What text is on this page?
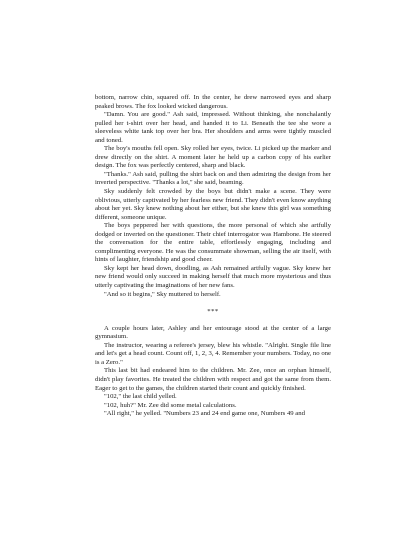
bottom, narrow chin, squared off. In the center, he drew narrowed eyes and sharp peaked brows. The fox looked wicked dangerous.

"Damn. You are good." Ash said, impressed. Without thinking, she nonchalantly pulled her t-shirt over her head, and handed it to Li. Beneath the tee she wore a sleeveless white tank top over her bra. Her shoulders and arms were tightly muscled and toned.

The boy's mouths fell open. Sky rolled her eyes, twice. Li picked up the marker and drew directly on the shirt. A moment later he held up a carbon copy of his earlier design. The fox was perfectly centered, sharp and black.

"Thanks." Ash said, pulling the shirt back on and then admiring the design from her inverted perspective. "Thanks a lot," she said, beaming.

Sky suddenly felt crowded by the boys but didn't make a scene. They were oblivious, utterly captivated by her fearless new friend. They didn't even know anything about her yet. Sky knew nothing about her either, but she knew this girl was something different, someone unique.

The boys peppered her with questions, the more personal of which she artfully dodged or inverted on the questioner. Their chief interrogator was Hambone. He steered the conversation for the entire table, effortlessly engaging, including and complimenting everyone. He was the consummate showman, selling the air itself, with hints of laughter, friendship and good cheer.

Sky kept her head down, doodling, as Ash remained artfully vague. Sky knew her new friend would only succeed in making herself that much more mysterious and thus utterly captivating the imaginations of her new fans.

"And so it begins," Sky muttered to herself.

***

A couple hours later, Ashley and her entourage stood at the center of a large gymnasium.

The instructor, wearing a referee's jersey, blew his whistle. "Alright. Single file line and let's get a head count. Count off, 1, 2, 3, 4. Remember your numbers. Today, no one is a Zero."

This last bit had endeared him to the children. Mr. Zee, once an orphan himself, didn't play favorites. He treated the children with respect and got the same from them. Eager to get to the games, the children started their count and quickly finished.

"102," the last child yelled.

"102, huh?" Mr. Zee did some metal calculations.

"All right," he yelled. "Numbers 23 and 24 end game one, Numbers 49 and
